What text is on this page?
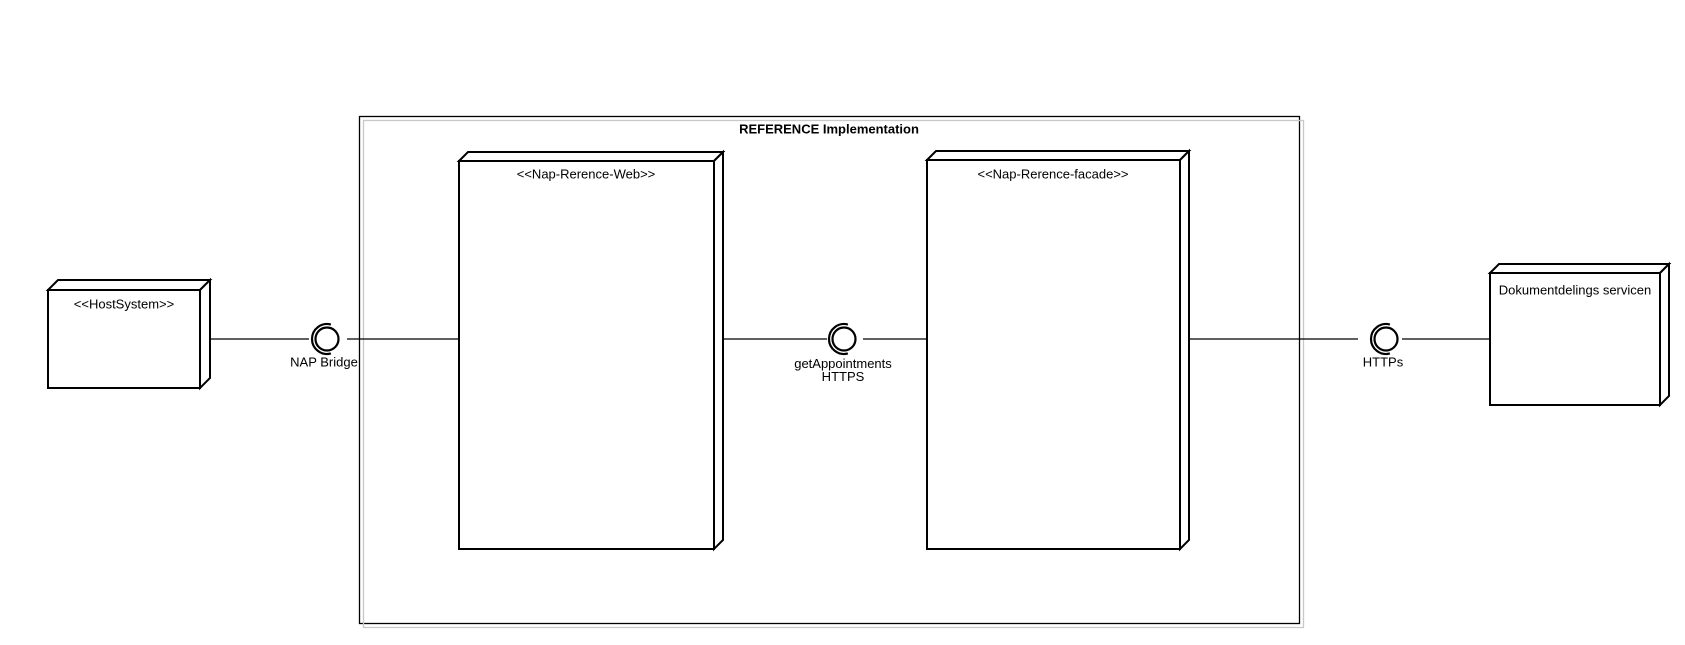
REFERENCE Implementation
<<HostSystem>>
<<Nap-Rerence-Web>>	<<Nap-Rerence-facade>>
Dokumentdelings servicen
NAP Bridge	getAppointments
HTTPS
HTTPs
